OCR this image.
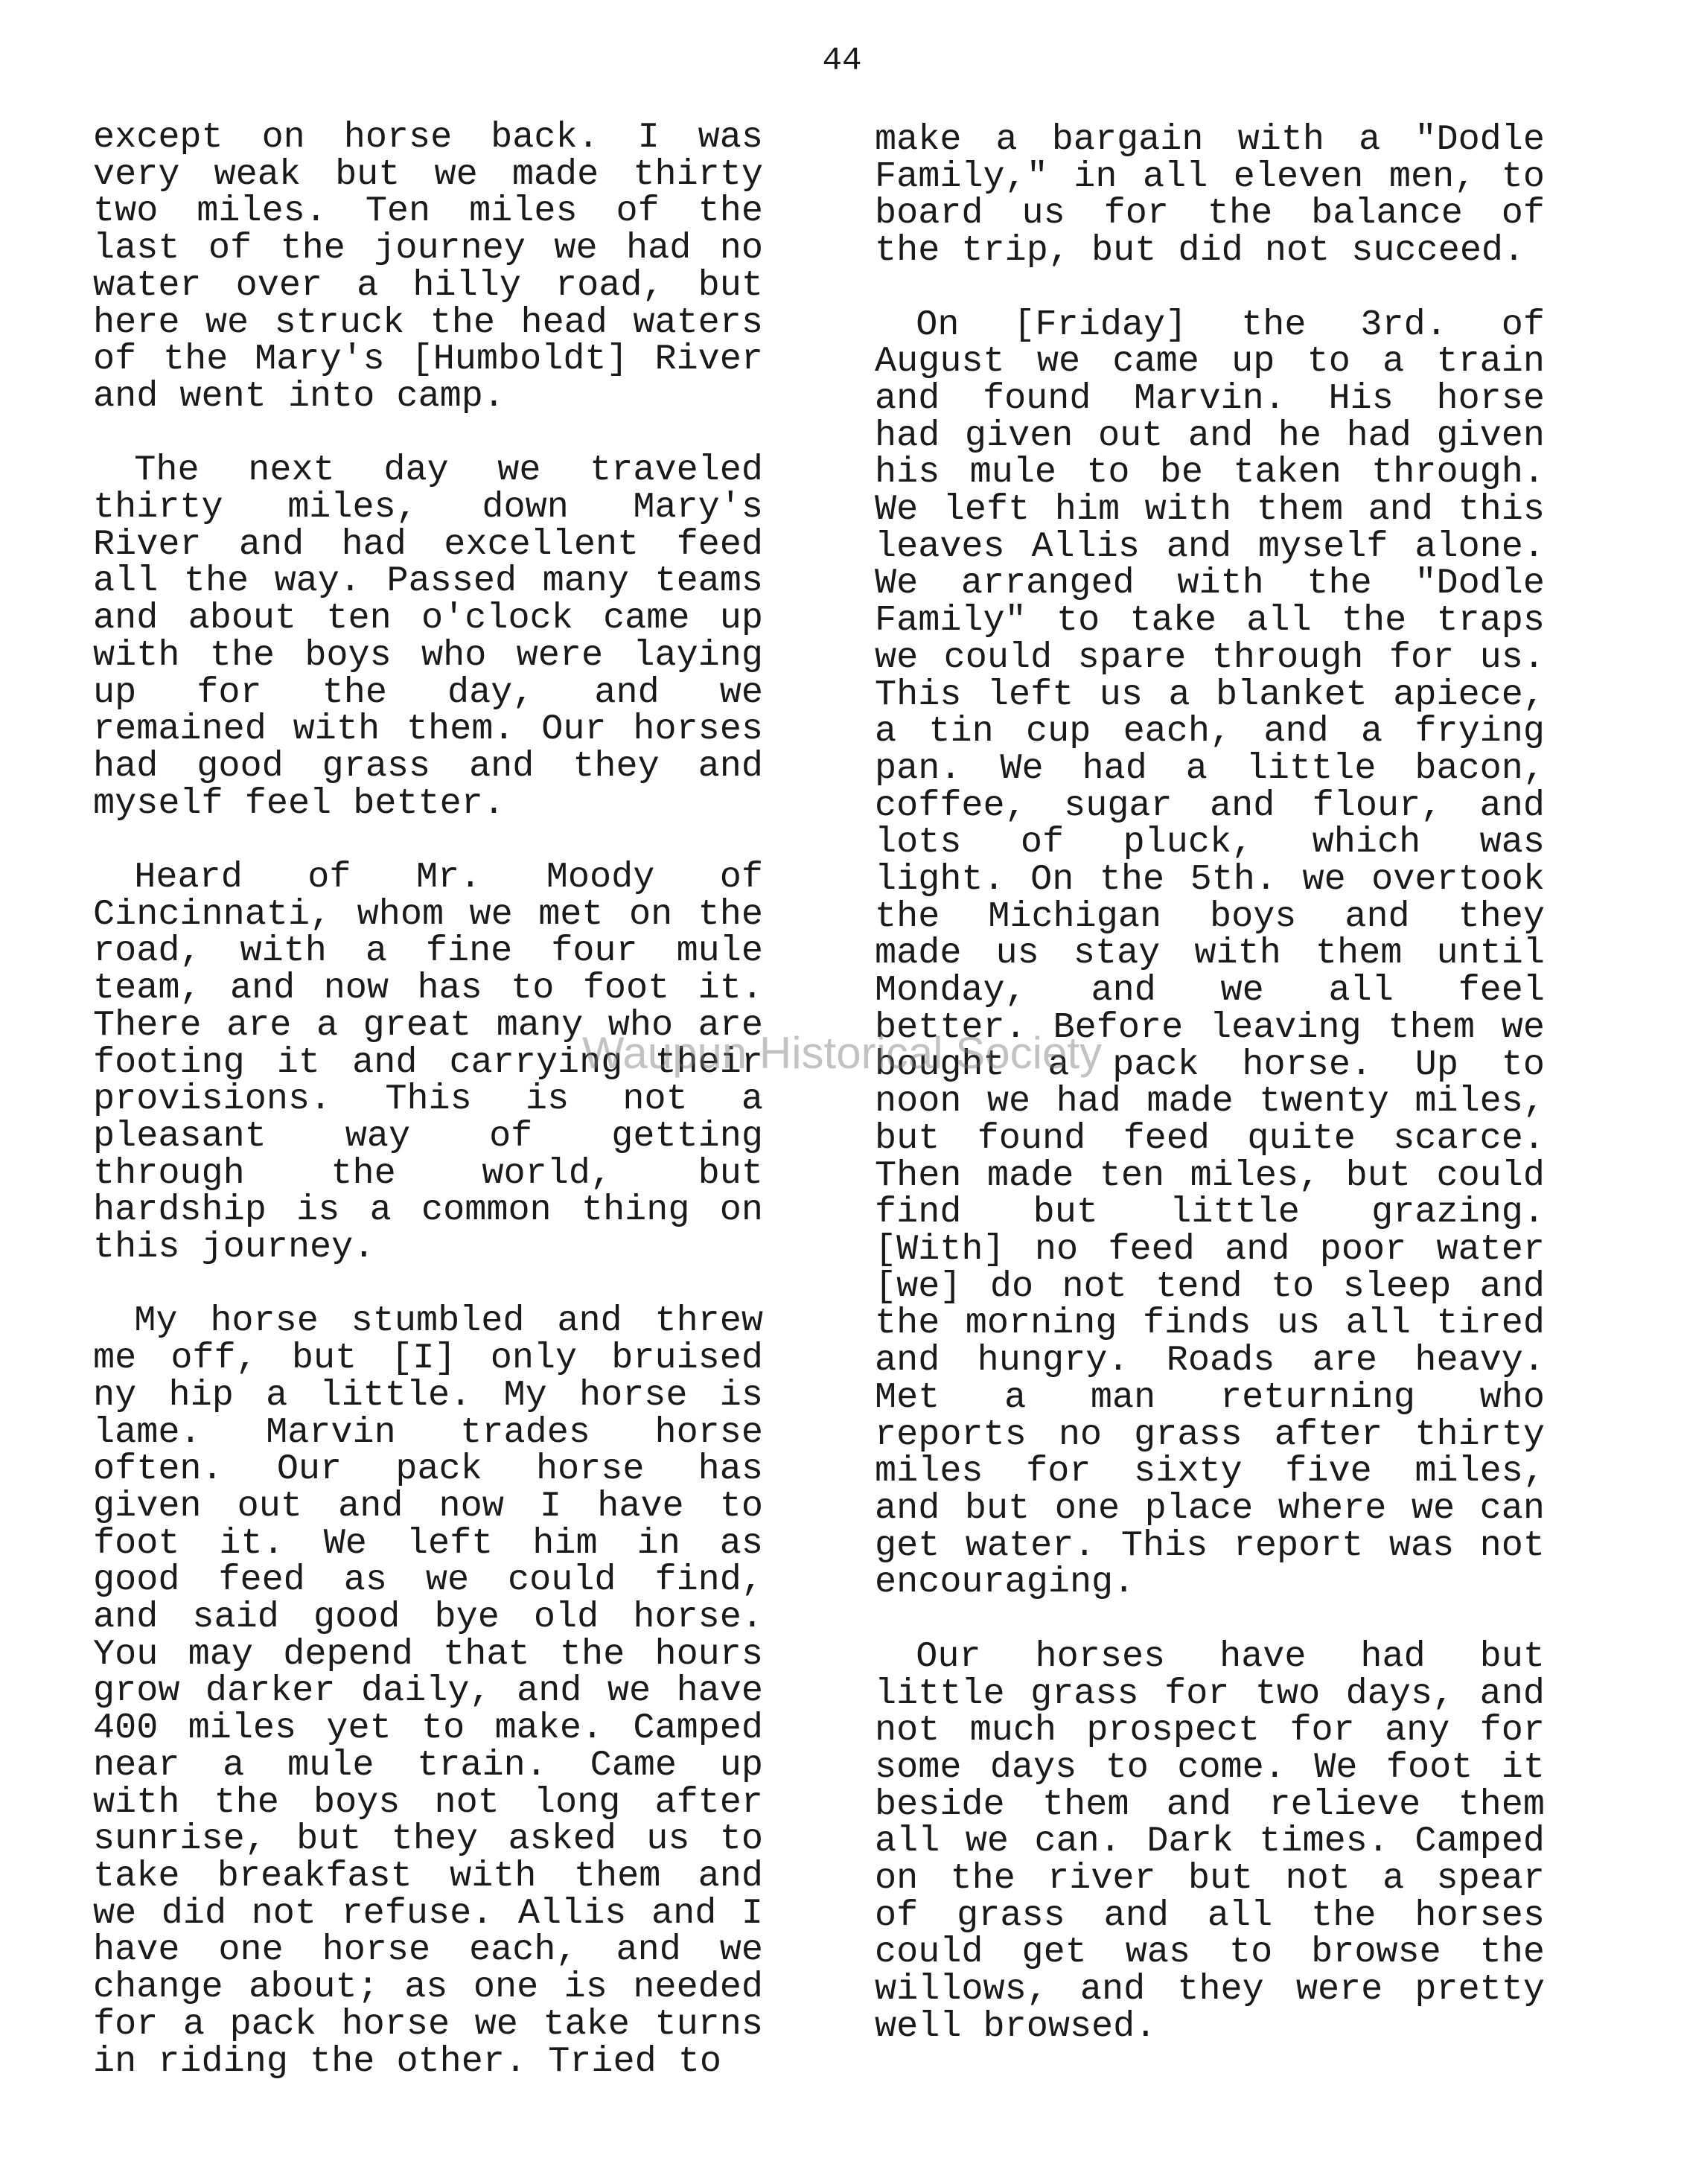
44

except on horse back. I was very weak but we made thirty two miles. Ten miles of the last of the journey we had no water over a hilly road, but here we struck the head waters of the Mary's [Humboldt] River and went into camp.

The next day we traveled thirty miles, down Mary's River and had excellent feed all the way. Passed many teams and about ten o'clock came up with the boys who were laying up for the day, and we remained with them. Our horses had good grass and they and myself feel better.

Heard of Mr. Moody of Cincinnati, whom we met on the road, with a fine four mule team, and now has to foot it. There are a great many who are footing it and carrying their provisions. This is not a pleasant way of getting through the world, but hardship is a common thing on this journey.

My horse stumbled and threw me off, but [I] only bruised ny hip a little. My horse is lame. Marvin trades horse often. Our pack horse has given out and now I have to foot it. We left him in as good feed as we could find, and said good bye old horse. You may depend that the hours grow darker daily, and we have 400 miles yet to make. Camped near a mule train. Came up with the boys not long after sunrise, but they asked us to take breakfast with them and we did not refuse. Allis and I have one horse each, and we change about; as one is needed for a pack horse we take turns in riding the other. Tried to

make a bargain with a "Dodle Family," in all eleven men, to board us for the balance of the trip, but did not succeed.

On [Friday] the 3rd. of August we came up to a train and found Marvin. His horse had given out and he had given his mule to be taken through. We left him with them and this leaves Allis and myself alone. We arranged with the "Dodle Family" to take all the traps we could spare through for us. This left us a blanket apiece, a tin cup each, and a frying pan. We had a little bacon, coffee, sugar and flour, and lots of pluck, which was light. On the 5th. we overtook the Michigan boys and they made us stay with them until Monday, and we all feel better. Before leaving them we bought a pack horse. Up to noon we had made twenty miles, but found feed quite scarce. Then made ten miles, but could find but little grazing. [With] no feed and poor water [we] do not tend to sleep and the morning finds us all tired and hungry. Roads are heavy. Met a man returning who reports no grass after thirty miles for sixty five miles, and but one place where we can get water. This report was not encouraging.

Our horses have had but little grass for two days, and not much prospect for any for some days to come. We foot it beside them and relieve them all we can. Dark times. Camped on the river but not a spear of grass and all the horses could get was to browse the willows, and they were pretty well browsed.

Waupun Historical Society
